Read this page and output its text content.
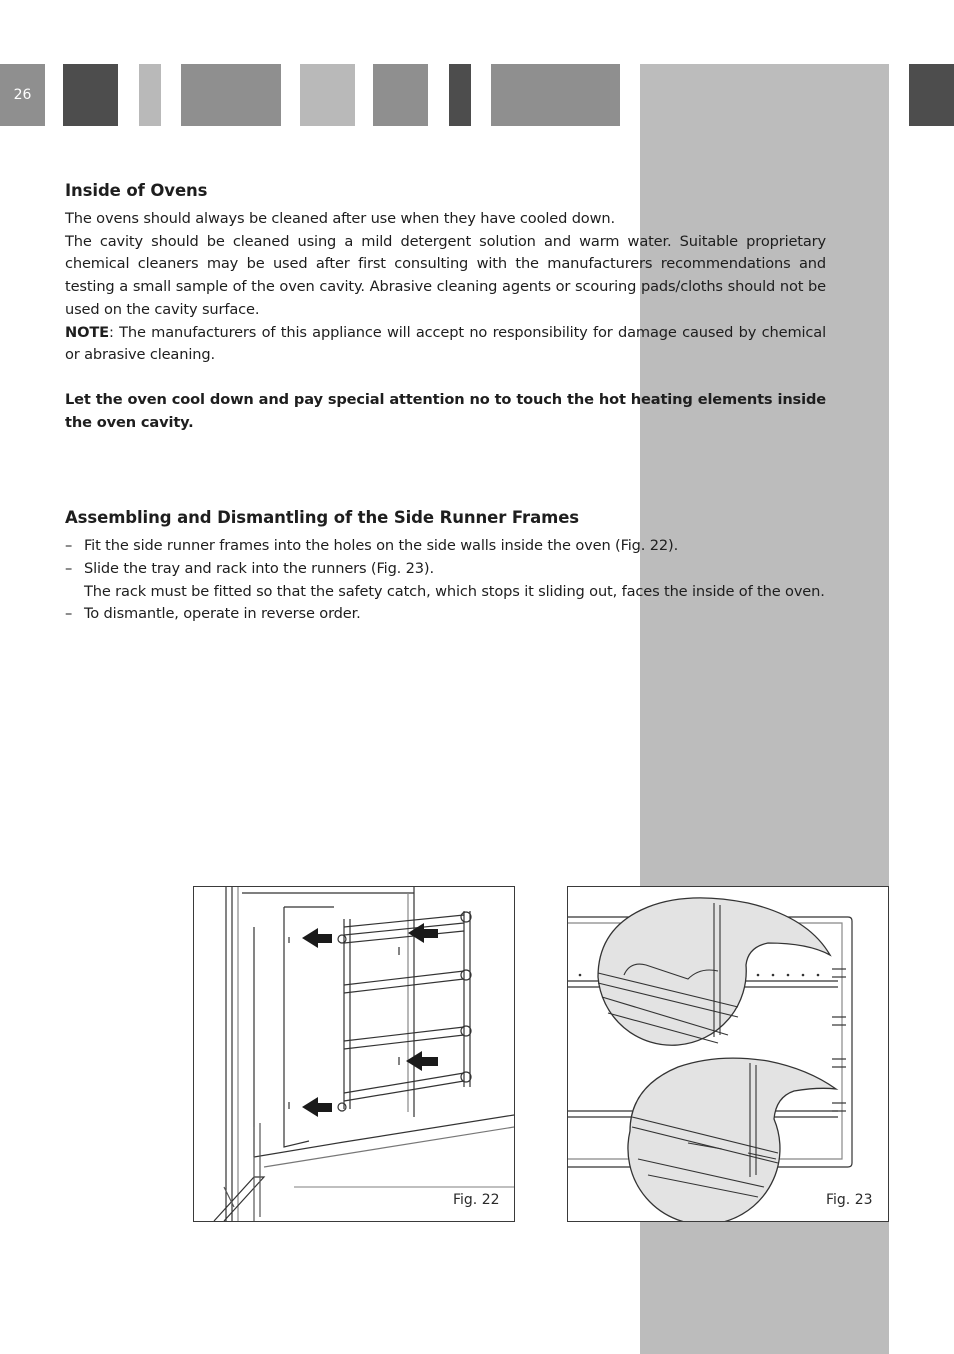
26
Inside of Ovens

The ovens should always be cleaned after use when they have cooled down.

The cavity should be cleaned using a mild detergent solution and warm water. Suitable proprietary chemical cleaners may be used after first consulting with the manufacturers recommendations and testing a small sample of the oven cavity. Abrasive cleaning agents or scouring pads/cloths should not be used on the cavity surface.

NOTE: The manufacturers of this appliance will accept no responsibility for damage caused by chemical or abrasive cleaning.

Let the oven cool down and pay special attention no to touch the hot heating elements inside the oven cavity.

Assembling and Dismantling of the Side Runner Frames
– Fit the side runner frames into the holes on the side walls inside the oven (Fig. 22).
– Slide the tray and rack into the runners (Fig. 23).
The rack must be fitted so that the safety catch, which stops it sliding out, faces the inside of the oven.
– To dismantle, operate in reverse order.
Fig. 22	Fig. 23
